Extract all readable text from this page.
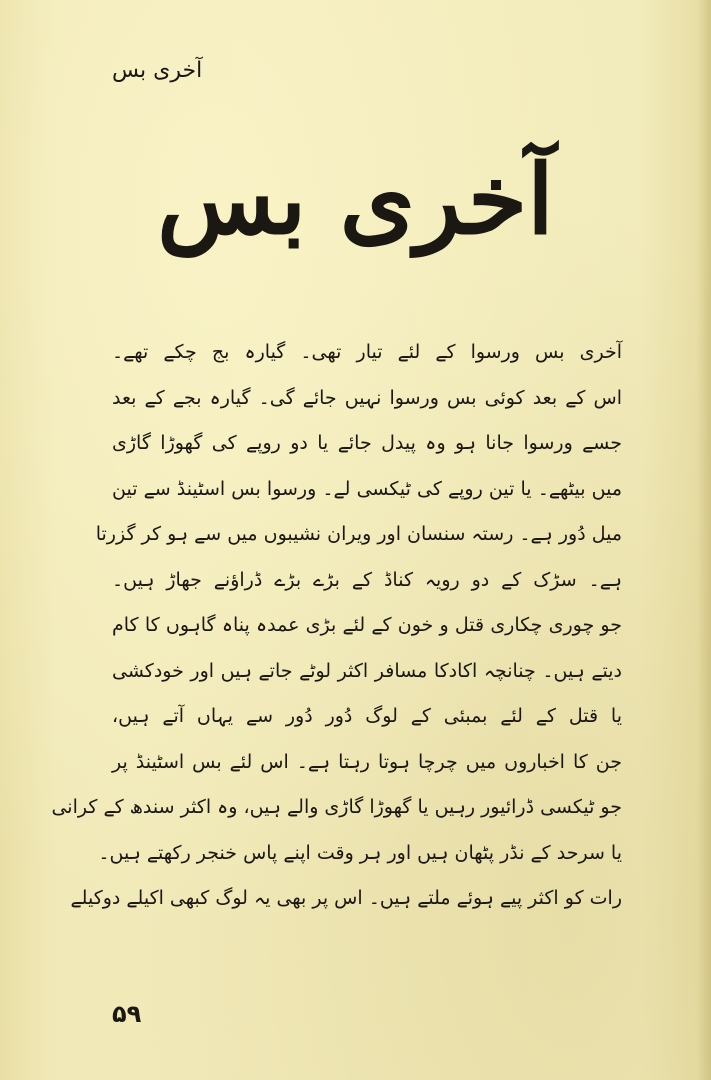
آخری بس
آخری بس
آخری بس ورسوا کے لئے تیار تھی۔ گیارہ بج چکے تھے۔
اس کے بعد کوئی بس ورسوا نہیں جائے گی۔ گیارہ بجے کے بعد
جسے ورسوا جانا ہو وہ پیدل جائے یا دو روپے کی گھوڑا گاڑی
میں بیٹھے۔ یا تین روپے کی ٹیکسی لے۔ ورسوا بس اسٹینڈ سے تین
میل دُور ہے۔ رستہ سنسان اور ویران نشیبوں میں سے ہو کر گزرتا
ہے۔ سڑک کے دو رویہ کناڈ کے بڑے بڑے ڈراؤنے جھاڑ ہیں۔
جو چوری چکاری قتل و خون کے لئے بڑی عمدہ پناہ گاہوں کا کام
دیتے ہیں۔ چنانچہ اکادکا مسافر اکثر لوٹے جاتے ہیں اور خودکشی
یا قتل کے لئے بمبئی کے لوگ دُور دُور سے یہاں آتے ہیں،
جن کا اخباروں میں چرچا ہوتا رہتا ہے۔ اس لئے بس اسٹینڈ پر
جو ٹیکسی ڈرائیور رہیں یا گھوڑا گاڑی والے ہیں، وہ اکثر سندھ کے کرانی
یا سرحد کے نڈر پٹھان ہیں اور ہر وقت اپنے پاس خنجر رکھتے ہیں۔
رات کو اکثر پیے ہوئے ملتے ہیں۔ اس پر بھی یہ لوگ کبھی اکیلے دوکیلے
۵۹
